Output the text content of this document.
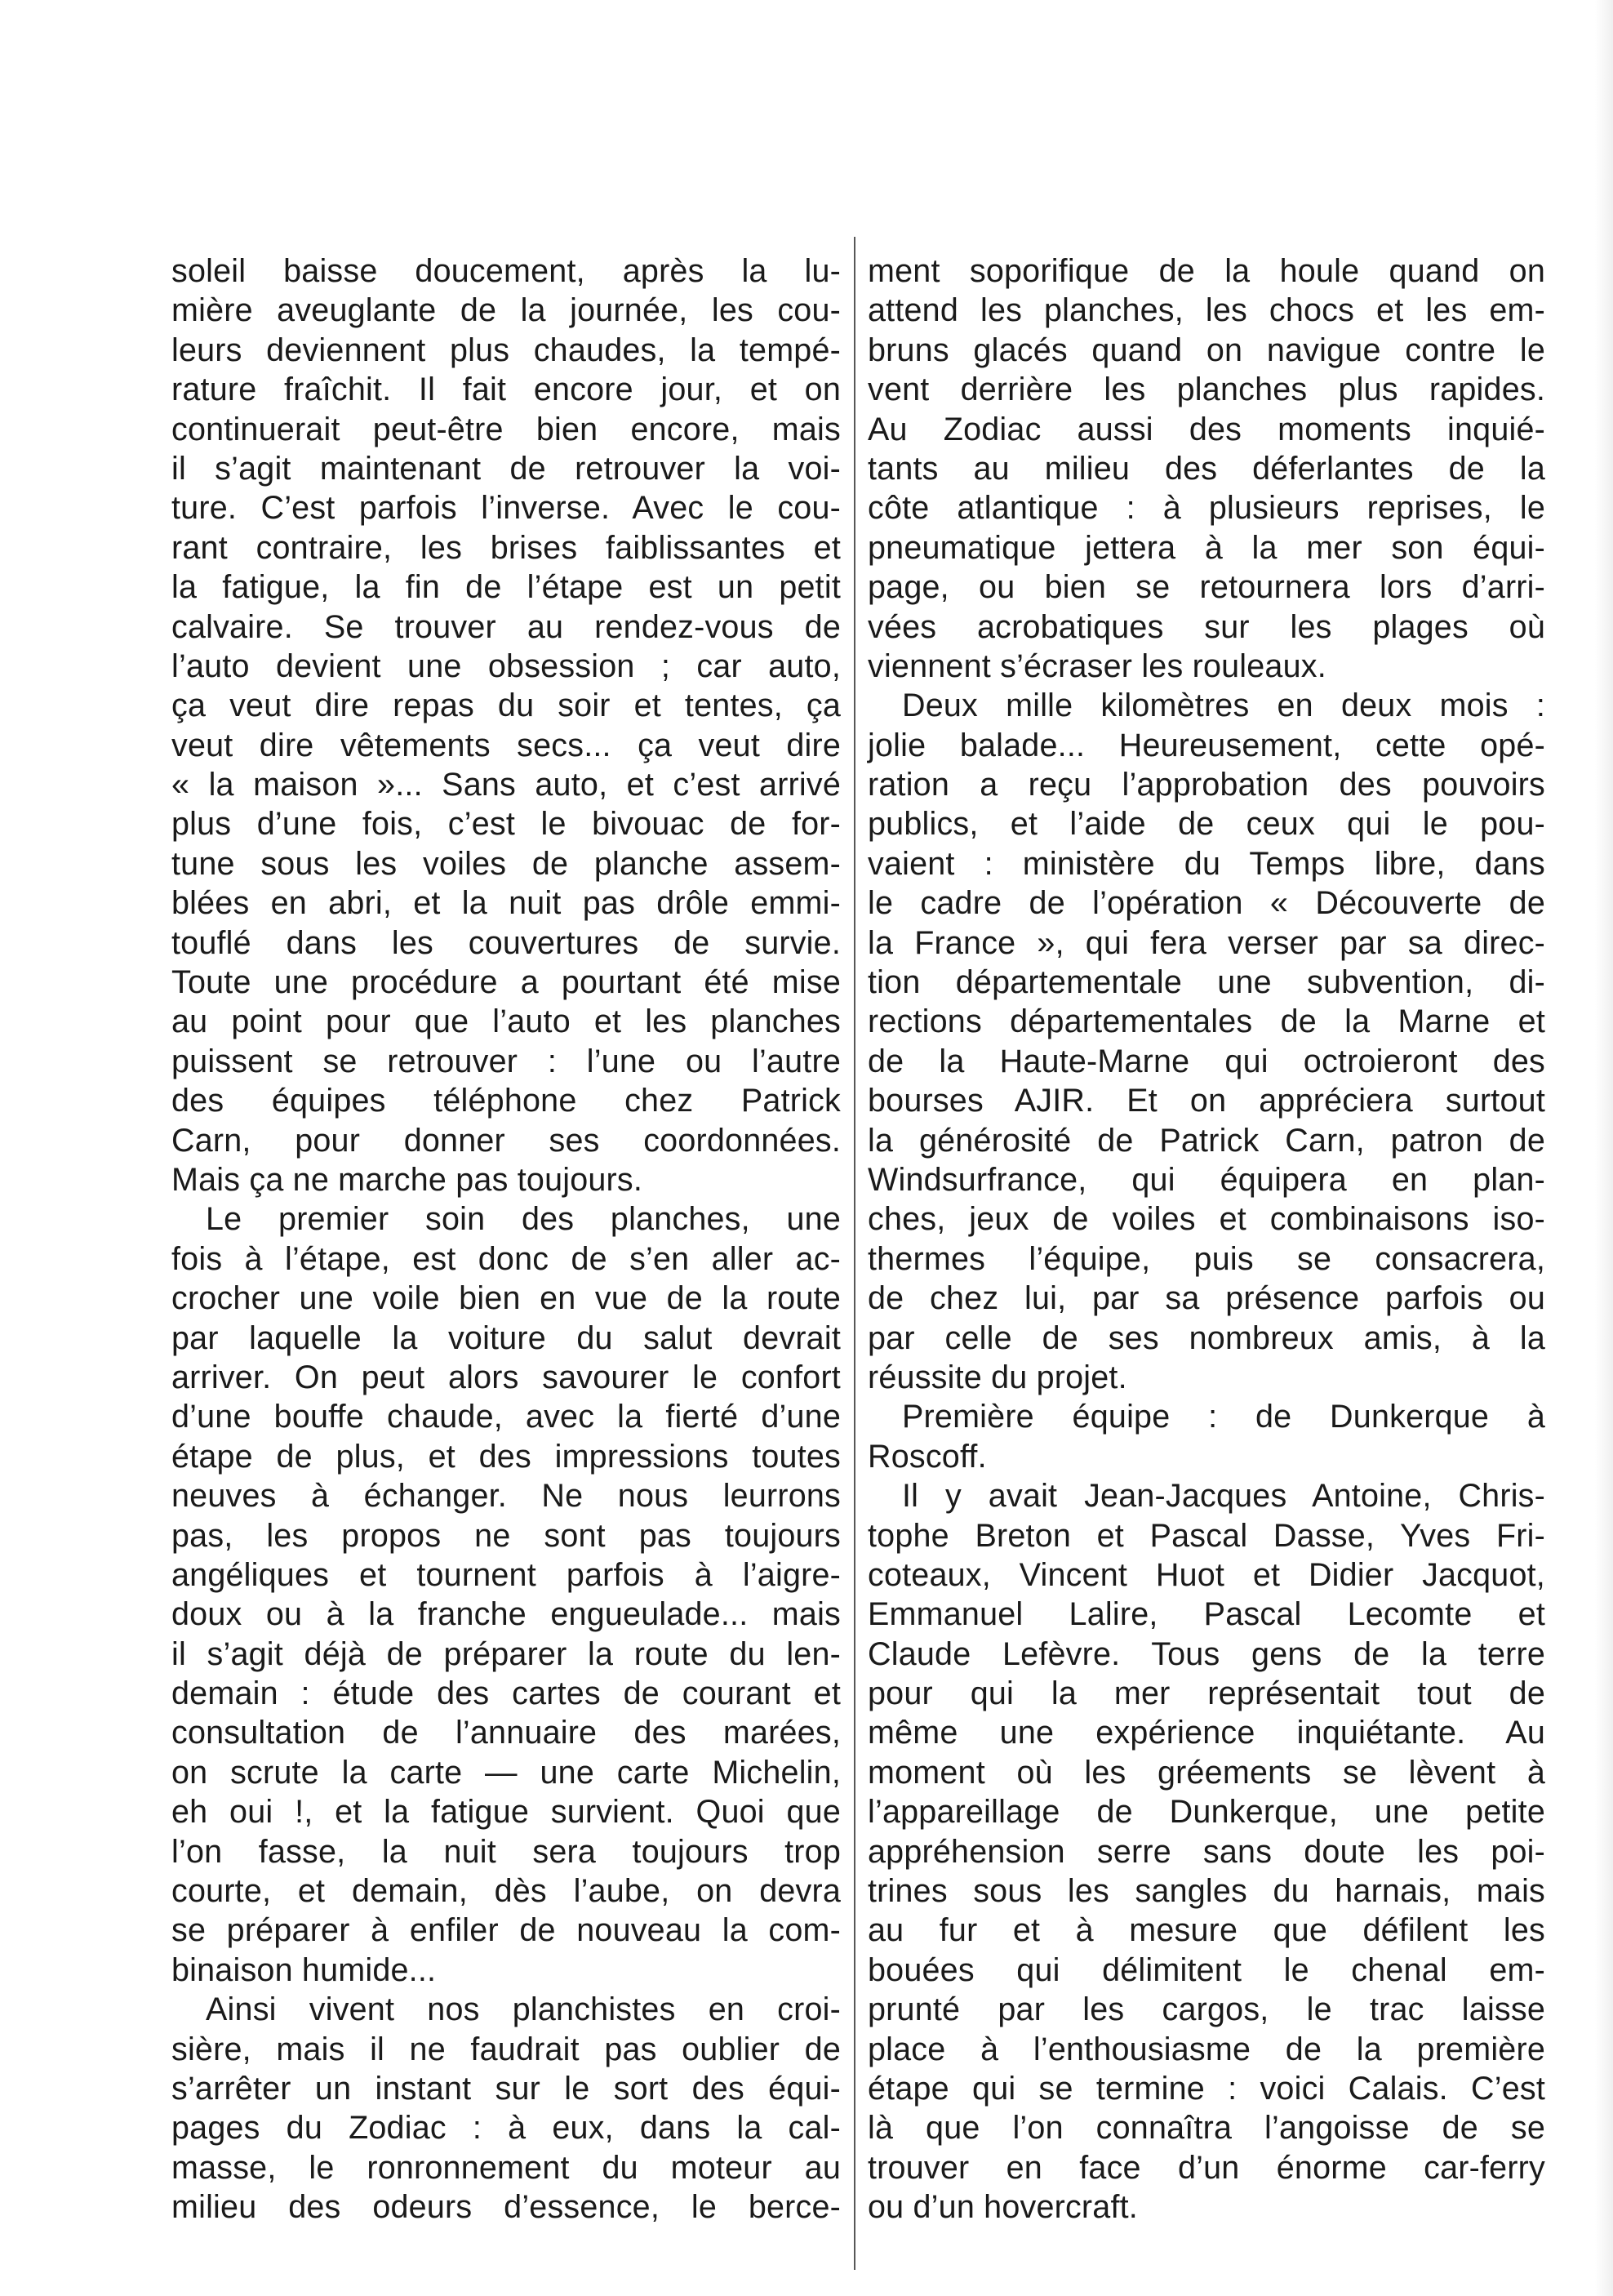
soleil baisse doucement, après la lu-
mière aveuglante de la journée, les cou-
leurs deviennent plus chaudes, la tempé-
rature fraîchit. Il fait encore jour, et on
continuerait peut-être bien encore, mais
il s’agit maintenant de retrouver la voi-
ture. C’est parfois l’inverse. Avec le cou-
rant contraire, les brises faiblissantes et
la fatigue, la fin de l’étape est un petit
calvaire. Se trouver au rendez-vous de
l’auto devient une obsession ; car auto,
ça veut dire repas du soir et tentes, ça
veut dire vêtements secs... ça veut dire
« la maison »... Sans auto, et c’est arrivé
plus d’une fois, c’est le bivouac de for-
tune sous les voiles de planche assem-
blées en abri, et la nuit pas drôle emmi-
touflé dans les couvertures de survie.
Toute une procédure a pourtant été mise
au point pour que l’auto et les planches
puissent se retrouver : l’une ou l’autre
des équipes téléphone chez Patrick
Carn, pour donner ses coordonnées.
Mais ça ne marche pas toujours.
Le premier soin des planches, une
fois à l’étape, est donc de s’en aller ac-
crocher une voile bien en vue de la route
par laquelle la voiture du salut devrait
arriver. On peut alors savourer le confort
d’une bouffe chaude, avec la fierté d’une
étape de plus, et des impressions toutes
neuves à échanger. Ne nous leurrons
pas, les propos ne sont pas toujours
angéliques et tournent parfois à l’aigre-
doux ou à la franche engueulade... mais
il s’agit déjà de préparer la route du len-
demain : étude des cartes de courant et
consultation de l’annuaire des marées,
on scrute la carte — une carte Michelin,
eh oui !, et la fatigue survient. Quoi que
l’on fasse, la nuit sera toujours trop
courte, et demain, dès l’aube, on devra
se préparer à enfiler de nouveau la com-
binaison humide...
Ainsi vivent nos planchistes en croi-
sière, mais il ne faudrait pas oublier de
s’arrêter un instant sur le sort des équi-
pages du Zodiac : à eux, dans la cal-
masse, le ronronnement du moteur au
milieu des odeurs d’essence, le berce-
ment soporifique de la houle quand on
attend les planches, les chocs et les em-
bruns glacés quand on navigue contre le
vent derrière les planches plus rapides.
Au Zodiac aussi des moments inquié-
tants au milieu des déferlantes de la
côte atlantique : à plusieurs reprises, le
pneumatique jettera à la mer son équi-
page, ou bien se retournera lors d’arri-
vées acrobatiques sur les plages où
viennent s’écraser les rouleaux.
Deux mille kilomètres en deux mois :
jolie balade... Heureusement, cette opé-
ration a reçu l’approbation des pouvoirs
publics, et l’aide de ceux qui le pou-
vaient : ministère du Temps libre, dans
le cadre de l’opération « Découverte de
la France », qui fera verser par sa direc-
tion départementale une subvention, di-
rections départementales de la Marne et
de la Haute-Marne qui octroieront des
bourses AJIR. Et on appréciera surtout
la générosité de Patrick Carn, patron de
Windsurfrance, qui équipera en plan-
ches, jeux de voiles et combinaisons iso-
thermes l’équipe, puis se consacrera,
de chez lui, par sa présence parfois ou
par celle de ses nombreux amis, à la
réussite du projet.
Première équipe : de Dunkerque à
Roscoff.
Il y avait Jean-Jacques Antoine, Chris-
tophe Breton et Pascal Dasse, Yves Fri-
coteaux, Vincent Huot et Didier Jacquot,
Emmanuel Lalire, Pascal Lecomte et
Claude Lefèvre. Tous gens de la terre
pour qui la mer représentait tout de
même une expérience inquiétante. Au
moment où les gréements se lèvent à
l’appareillage de Dunkerque, une petite
appréhension serre sans doute les poi-
trines sous les sangles du harnais, mais
au fur et à mesure que défilent les
bouées qui délimitent le chenal em-
prunté par les cargos, le trac laisse
place à l’enthousiasme de la première
étape qui se termine : voici Calais. C’est
là que l’on connaîtra l’angoisse de se
trouver en face d’un énorme car-ferry
ou d’un hovercraft.
